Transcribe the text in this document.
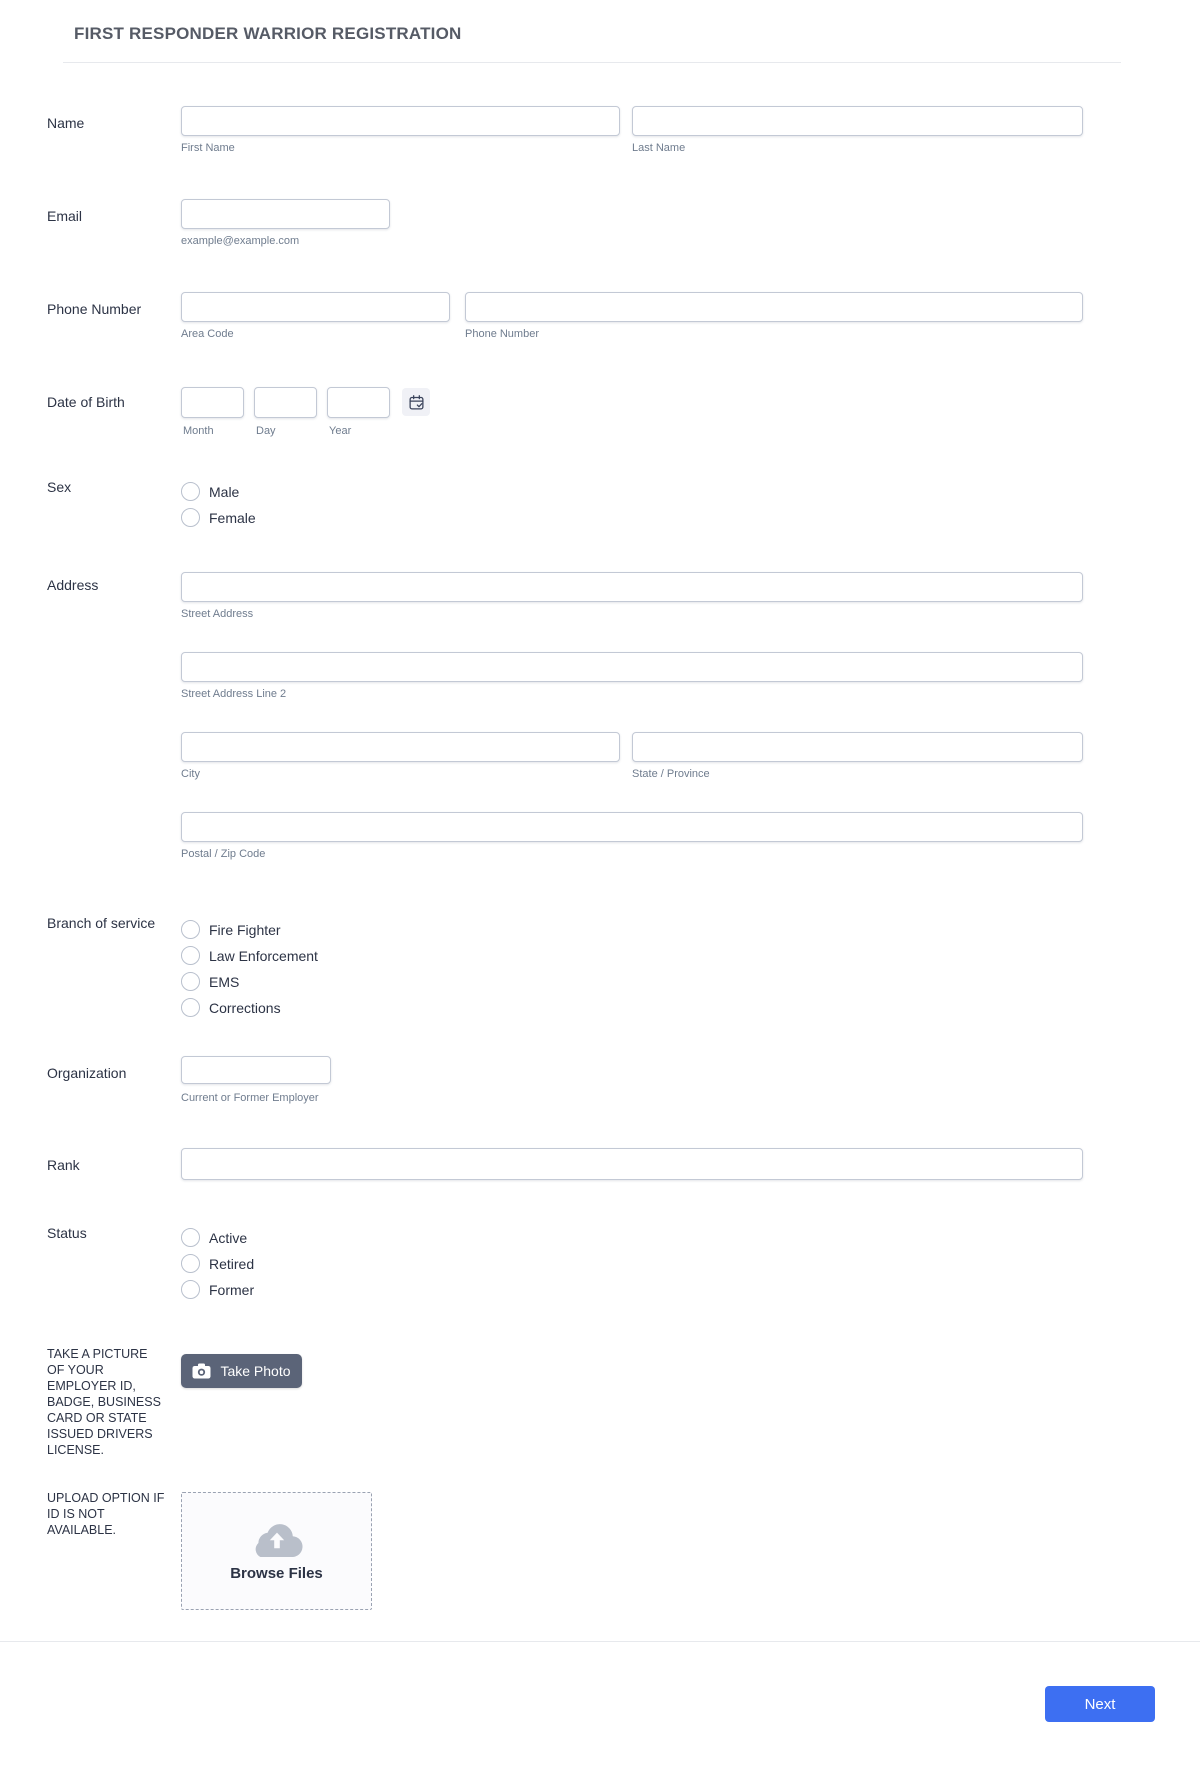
FIRST RESPONDER WARRIOR REGISTRATION
Name
First Name	Last Name
Email
example@example.com
Phone Number
Area Code	Phone Number
Date of Birth
Month	Day	Year
Sex	Male
Female
Address
Street Address
Street Address Line 2
City	State / Province
Postal / Zip Code
Branch of service	Fire Fighter
Law Enforcement
EMS
Corrections
Organization
Current or Former Employer
Rank
Status	Active
Retired
Former
TAKE A PICTURE OF YOUR EMPLOYER ID, BADGE, BUSINESS CARD OR STATE ISSUED DRIVERS LICENSE.
Take Photo
UPLOAD OPTION IF ID IS NOT AVAILABLE.
Browse Files
Next
